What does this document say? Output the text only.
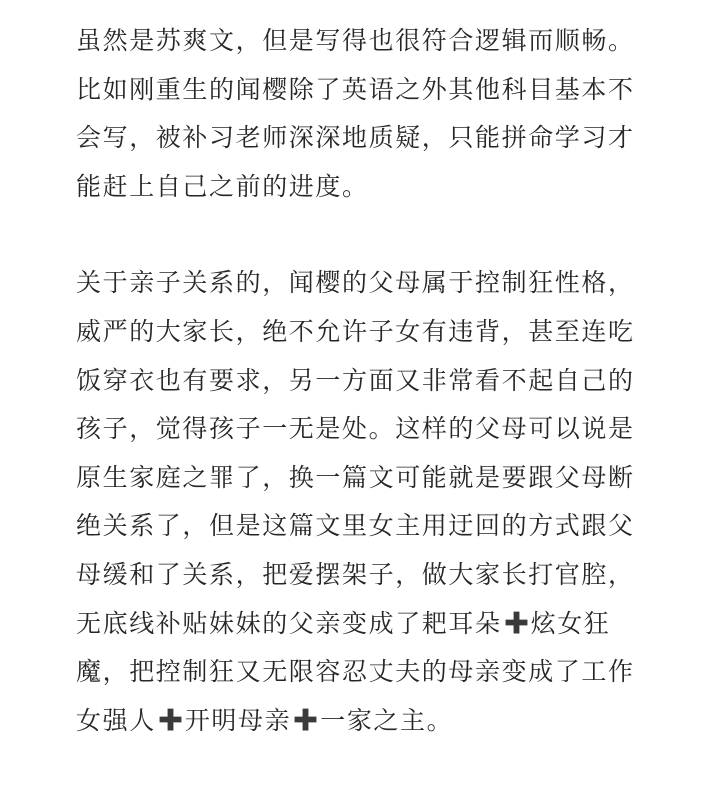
虽然是苏爽文，但是写得也很符合逻辑而顺畅。
比如刚重生的闻樱除了英语之外其他科目基本不
会写，被补习老师深深地质疑，只能拼命学习才
能赶上自己之前的进度。

关于亲子关系的，闻樱的父母属于控制狂性格，
威严的大家长，绝不允许子女有违背，甚至连吃
饭穿衣也有要求，另一方面又非常看不起自己的
孩子，觉得孩子一无是处。这样的父母可以说是
原生家庭之罪了，换一篇文可能就是要跟父母断
绝关系了，但是这篇文里女主用迂回的方式跟父
母缓和了关系，把爱摆架子，做大家长打官腔，
无底线补贴妹妹的父亲变成了耙耳朵 炫女狂
魔，把控制狂又无限容忍丈夫的母亲变成了工作
女强人 开明母亲 一家之主。
